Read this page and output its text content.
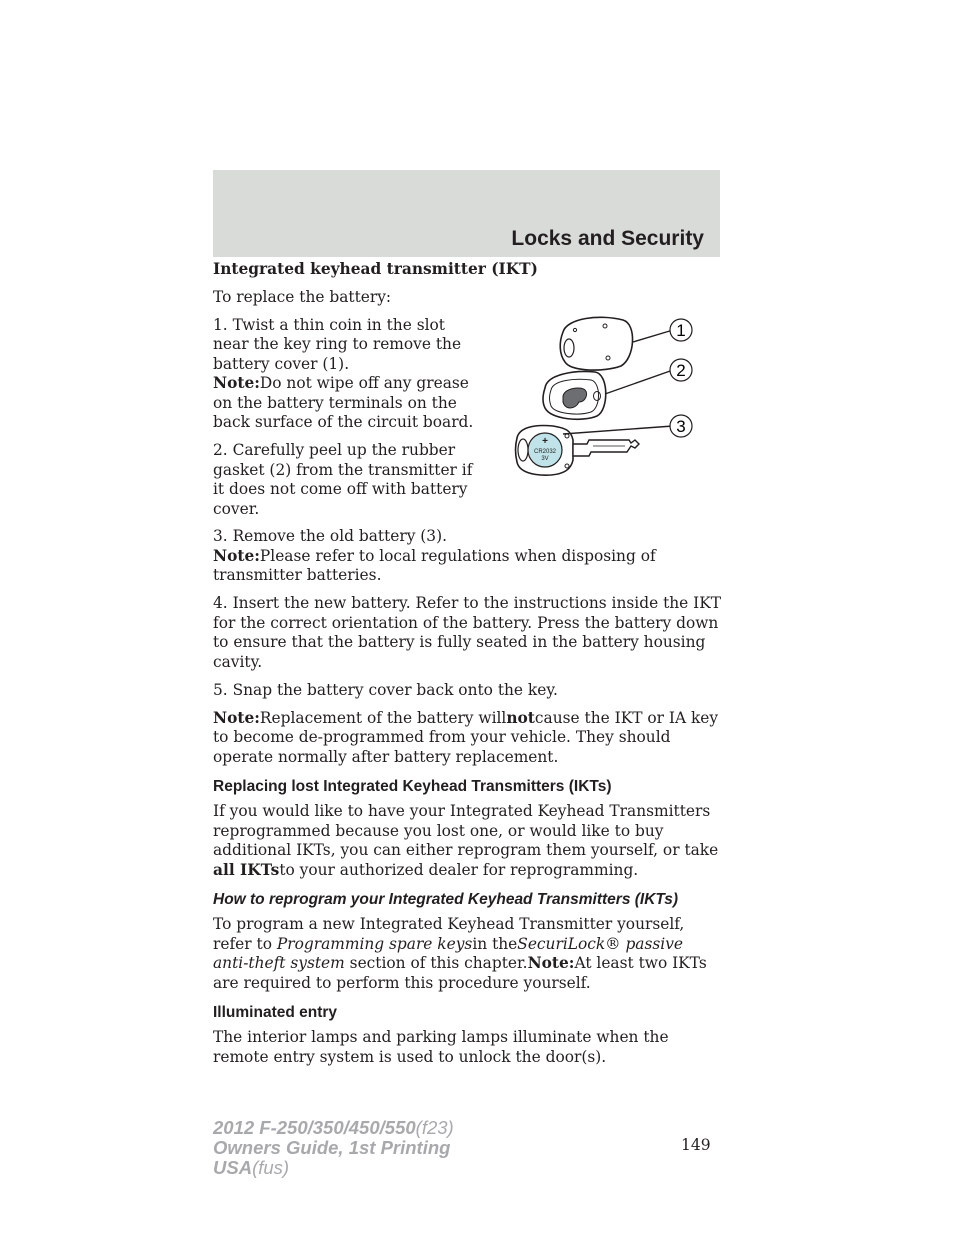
Locks and Security

Integrated keyhead transmitter (IKT)

To replace the battery:

1. Twist a thin coin in the slot near the key ring to remove the battery cover (1).

Note:Do not wipe off any grease on the battery terminals on the back surface of the circuit board.

2. Carefully peel up the rubber gasket (2) from the transmitter if it does not come off with battery cover.

3. Remove the old battery (3).

Note:Please refer to local regulations when disposing of transmitter batteries.

4. Insert the new battery. Refer to the instructions inside the IKT for the correct orientation of the battery. Press the battery down to ensure that the battery is fully seated in the battery housing cavity.

5. Snap the battery cover back onto the key.

Note:Replacement of the battery willnotcause the IKT or IA key to become de-programmed from your vehicle. They should operate normally after battery replacement.

Replacing lost Integrated Keyhead Transmitters (IKTs)

If you would like to have your Integrated Keyhead Transmitters reprogrammed because you lost one, or would like to buy additional IKTs, you can either reprogram them yourself, or take all IKTsto your authorized dealer for reprogramming.

How to reprogram your Integrated Keyhead Transmitters (IKTs)

To program a new Integrated Keyhead Transmitter yourself, refer to Programming spare keysin theSecuriLock® passive anti-theft system section of this chapter.Note:At least two IKTs are required to perform this procedure yourself.

Illuminated entry

The interior lamps and parking lamps illuminate when the remote entry system is used to unlock the door(s).

1
2
+
CR2032
3V
3
149
2012 F-250/350/450/550(f23)
Owners Guide, 1st Printing
USA(fus)
